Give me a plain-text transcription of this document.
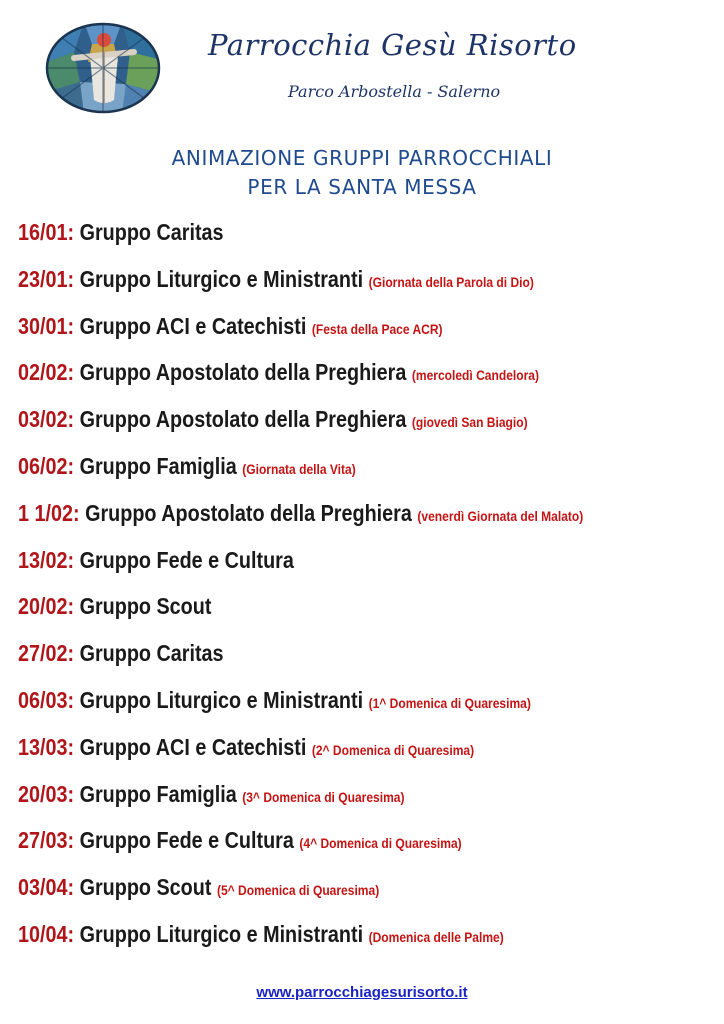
Parrocchia Gesù Risorto
Parco Arbostella - Salerno
ANIMAZIONE GRUPPI PARROCCHIALI
PER LA SANTA MESSA
16/01: Gruppo Caritas
23/01: Gruppo Liturgico e Ministranti (Giornata della Parola di Dio)
30/01: Gruppo ACI e Catechisti (Festa della Pace ACR)
02/02: Gruppo Apostolato della Preghiera (mercoledì Candelora)
03/02: Gruppo Apostolato della Preghiera (giovedì San Biagio)
06/02: Gruppo Famiglia (Giornata della Vita)
1 1/02: Gruppo Apostolato della Preghiera (venerdì Giornata del Malato)
13/02: Gruppo Fede e Cultura
20/02: Gruppo Scout
27/02: Gruppo Caritas
06/03: Gruppo Liturgico e Ministranti (1^ Domenica di Quaresima)
13/03: Gruppo ACI e Catechisti (2^ Domenica di Quaresima)
20/03: Gruppo Famiglia (3^ Domenica di Quaresima)
27/03: Gruppo Fede e Cultura (4^ Domenica di Quaresima)
03/04: Gruppo Scout (5^ Domenica di Quaresima)
10/04: Gruppo Liturgico e Ministranti (Domenica delle Palme)
www.parrocchiagesurisorto.it
